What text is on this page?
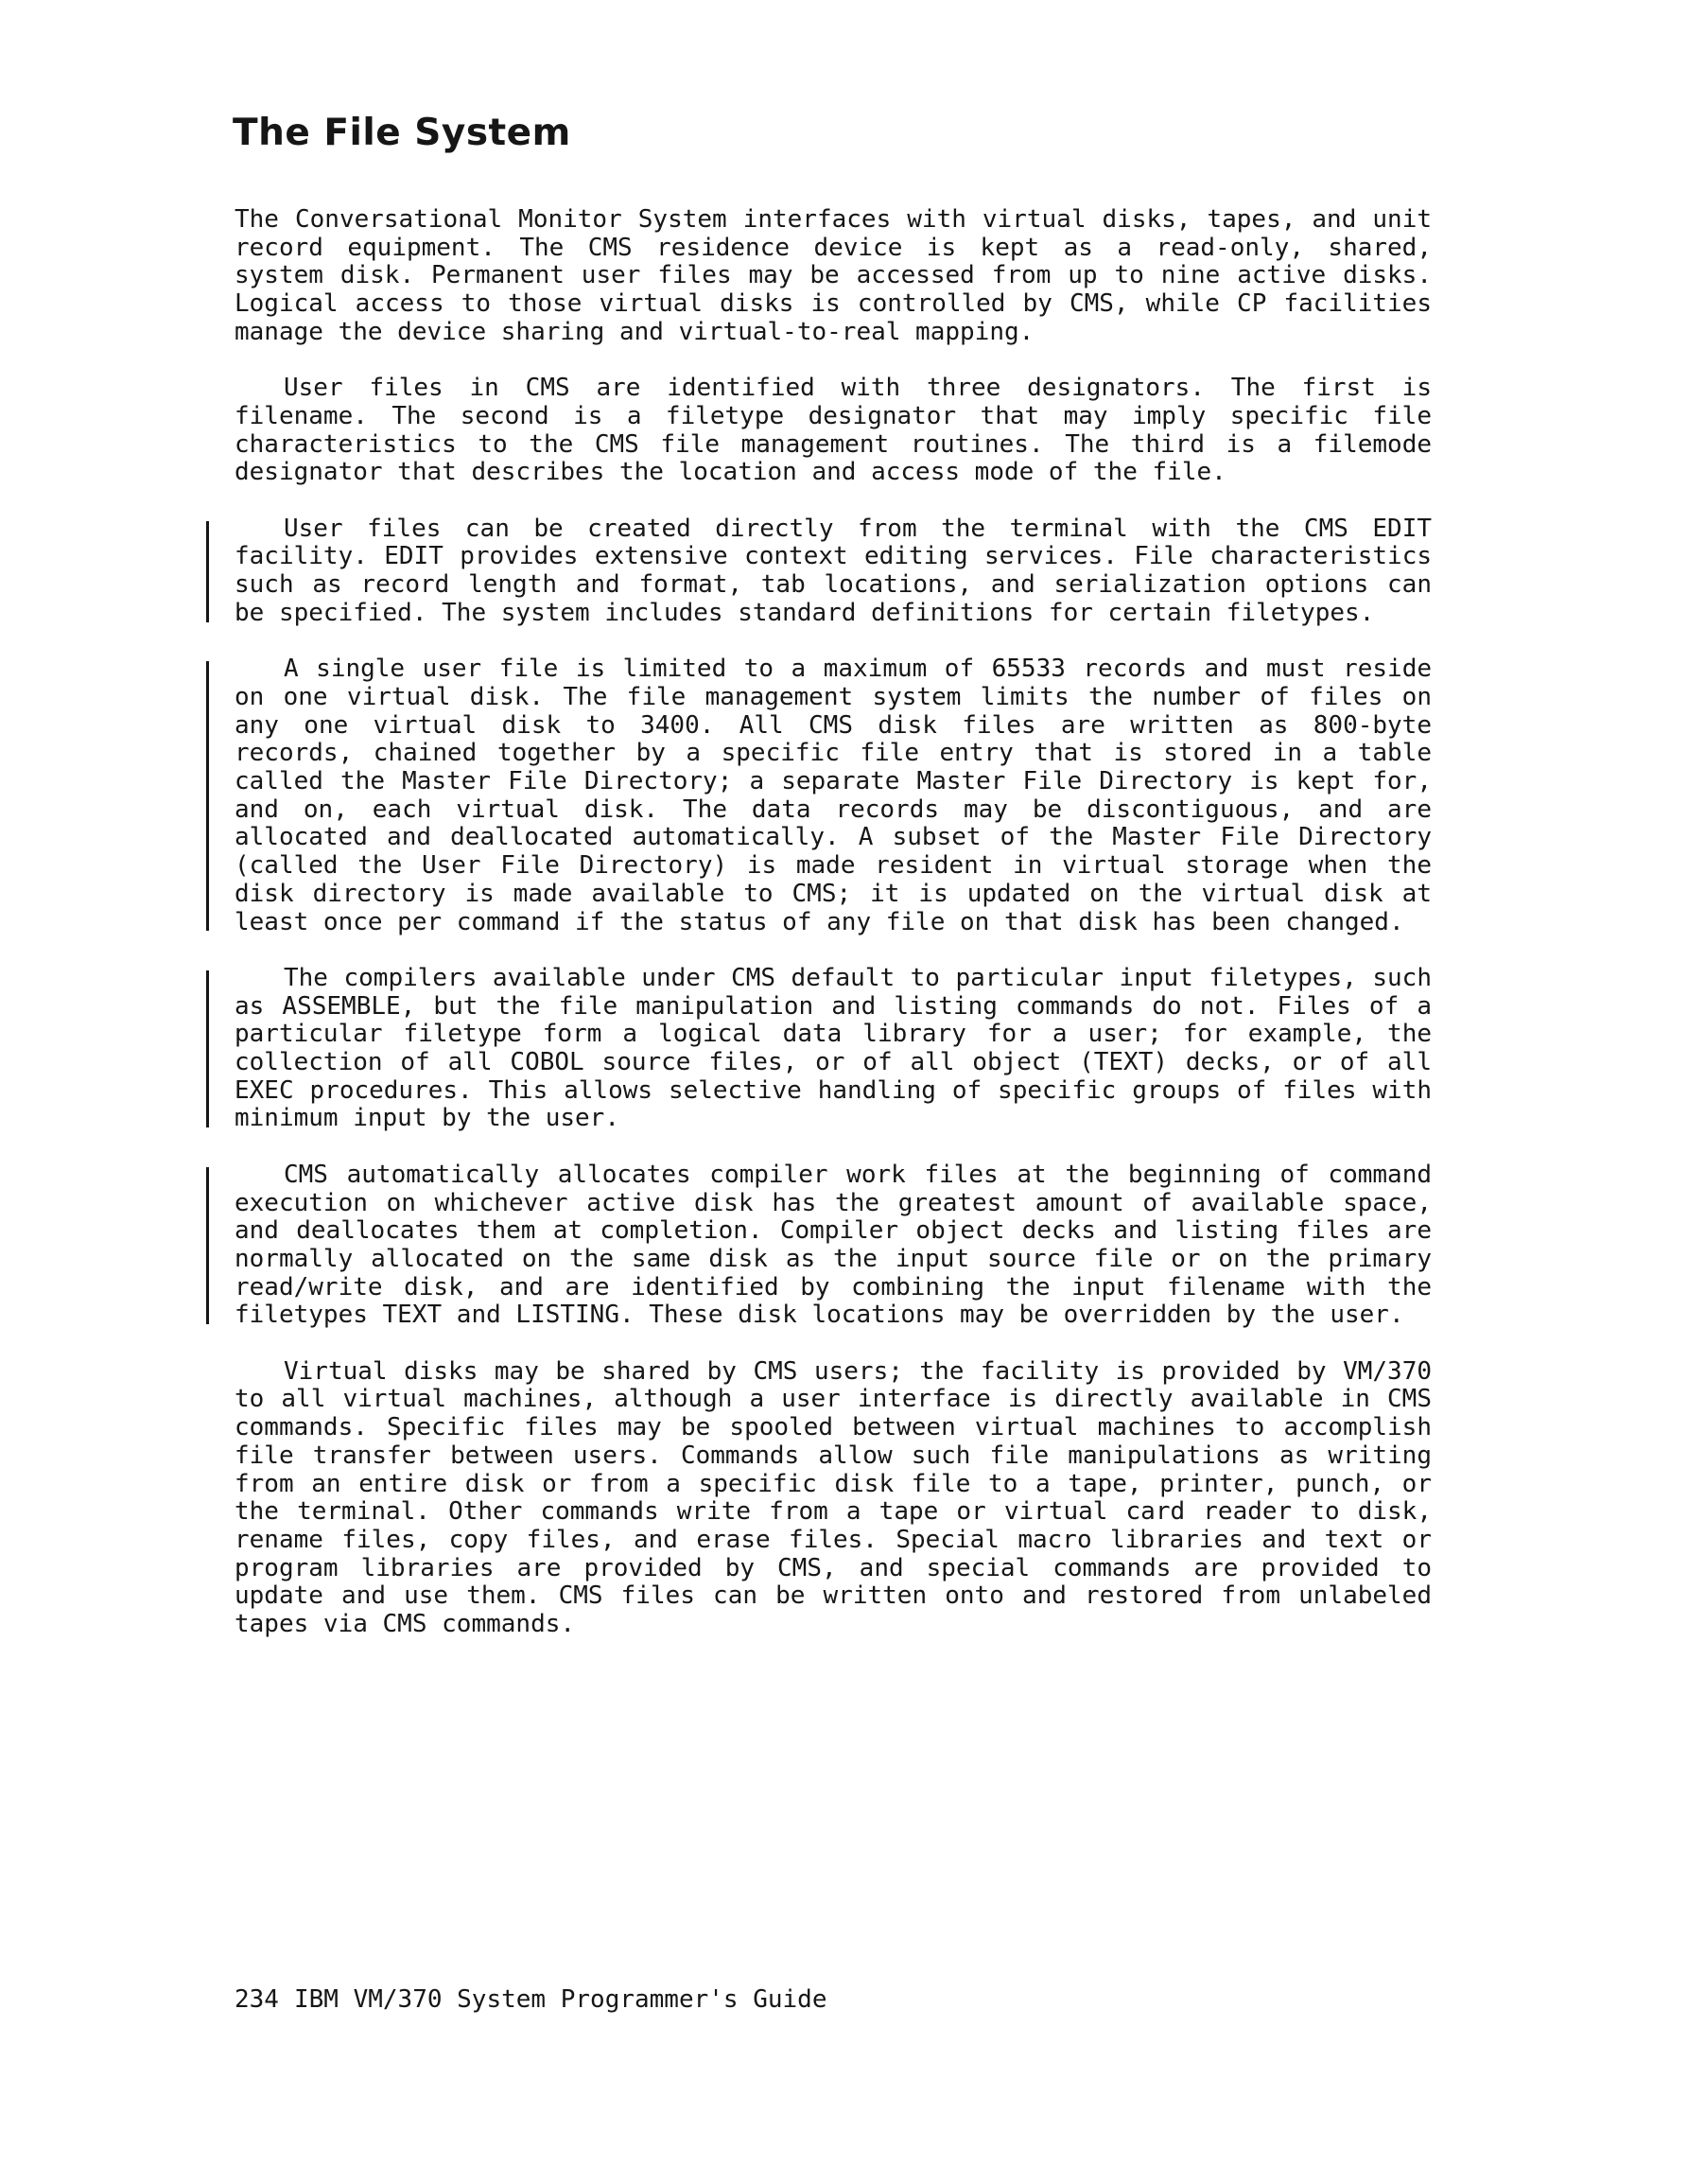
The File System

The Conversational Monitor System interfaces with virtual disks, tapes, and unit record equipment. The CMS residence device is kept as a read-only, shared, system disk. Permanent user files may be accessed from up to nine active disks. Logical access to those virtual disks is controlled by CMS, while CP facilities manage the device sharing and virtual-to-real mapping.

User files in CMS are identified with three designators. The first is filename. The second is a filetype designator that may imply specific file characteristics to the CMS file management routines. The third is a filemode designator that describes the location and access mode of the file.

User files can be created directly from the terminal with the CMS EDIT facility. EDIT provides extensive context editing services. File characteristics such as record length and format, tab locations, and serialization options can be specified. The system includes standard definitions for certain filetypes.

A single user file is limited to a maximum of 65533 records and must reside on one virtual disk. The file management system limits the number of files on any one virtual disk to 3400. All CMS disk files are written as 800-byte records, chained together by a specific file entry that is stored in a table called the Master File Directory; a separate Master File Directory is kept for, and on, each virtual disk. The data records may be discontiguous, and are allocated and deallocated automatically. A subset of the Master File Directory (called the User File Directory) is made resident in virtual storage when the disk directory is made available to CMS; it is updated on the virtual disk at least once per command if the status of any file on that disk has been changed.

The compilers available under CMS default to particular input filetypes, such as ASSEMBLE, but the file manipulation and listing commands do not. Files of a particular filetype form a logical data library for a user; for example, the collection of all COBOL source files, or of all object (TEXT) decks, or of all EXEC procedures. This allows selective handling of specific groups of files with minimum input by the user.

CMS automatically allocates compiler work files at the beginning of command execution on whichever active disk has the greatest amount of available space, and deallocates them at completion. Compiler object decks and listing files are normally allocated on the same disk as the input source file or on the primary read/write disk, and are identified by combining the input filename with the filetypes TEXT and LISTING. These disk locations may be overridden by the user.

Virtual disks may be shared by CMS users; the facility is provided by VM/370 to all virtual machines, although a user interface is directly available in CMS commands. Specific files may be spooled between virtual machines to accomplish file transfer between users. Commands allow such file manipulations as writing from an entire disk or from a specific disk file to a tape, printer, punch, or the terminal. Other commands write from a tape or virtual card reader to disk, rename files, copy files, and erase files. Special macro libraries and text or program libraries are provided by CMS, and special commands are provided to update and use them. CMS files can be written onto and restored from unlabeled tapes via CMS commands.

234 IBM VM/370 System Programmer's Guide
